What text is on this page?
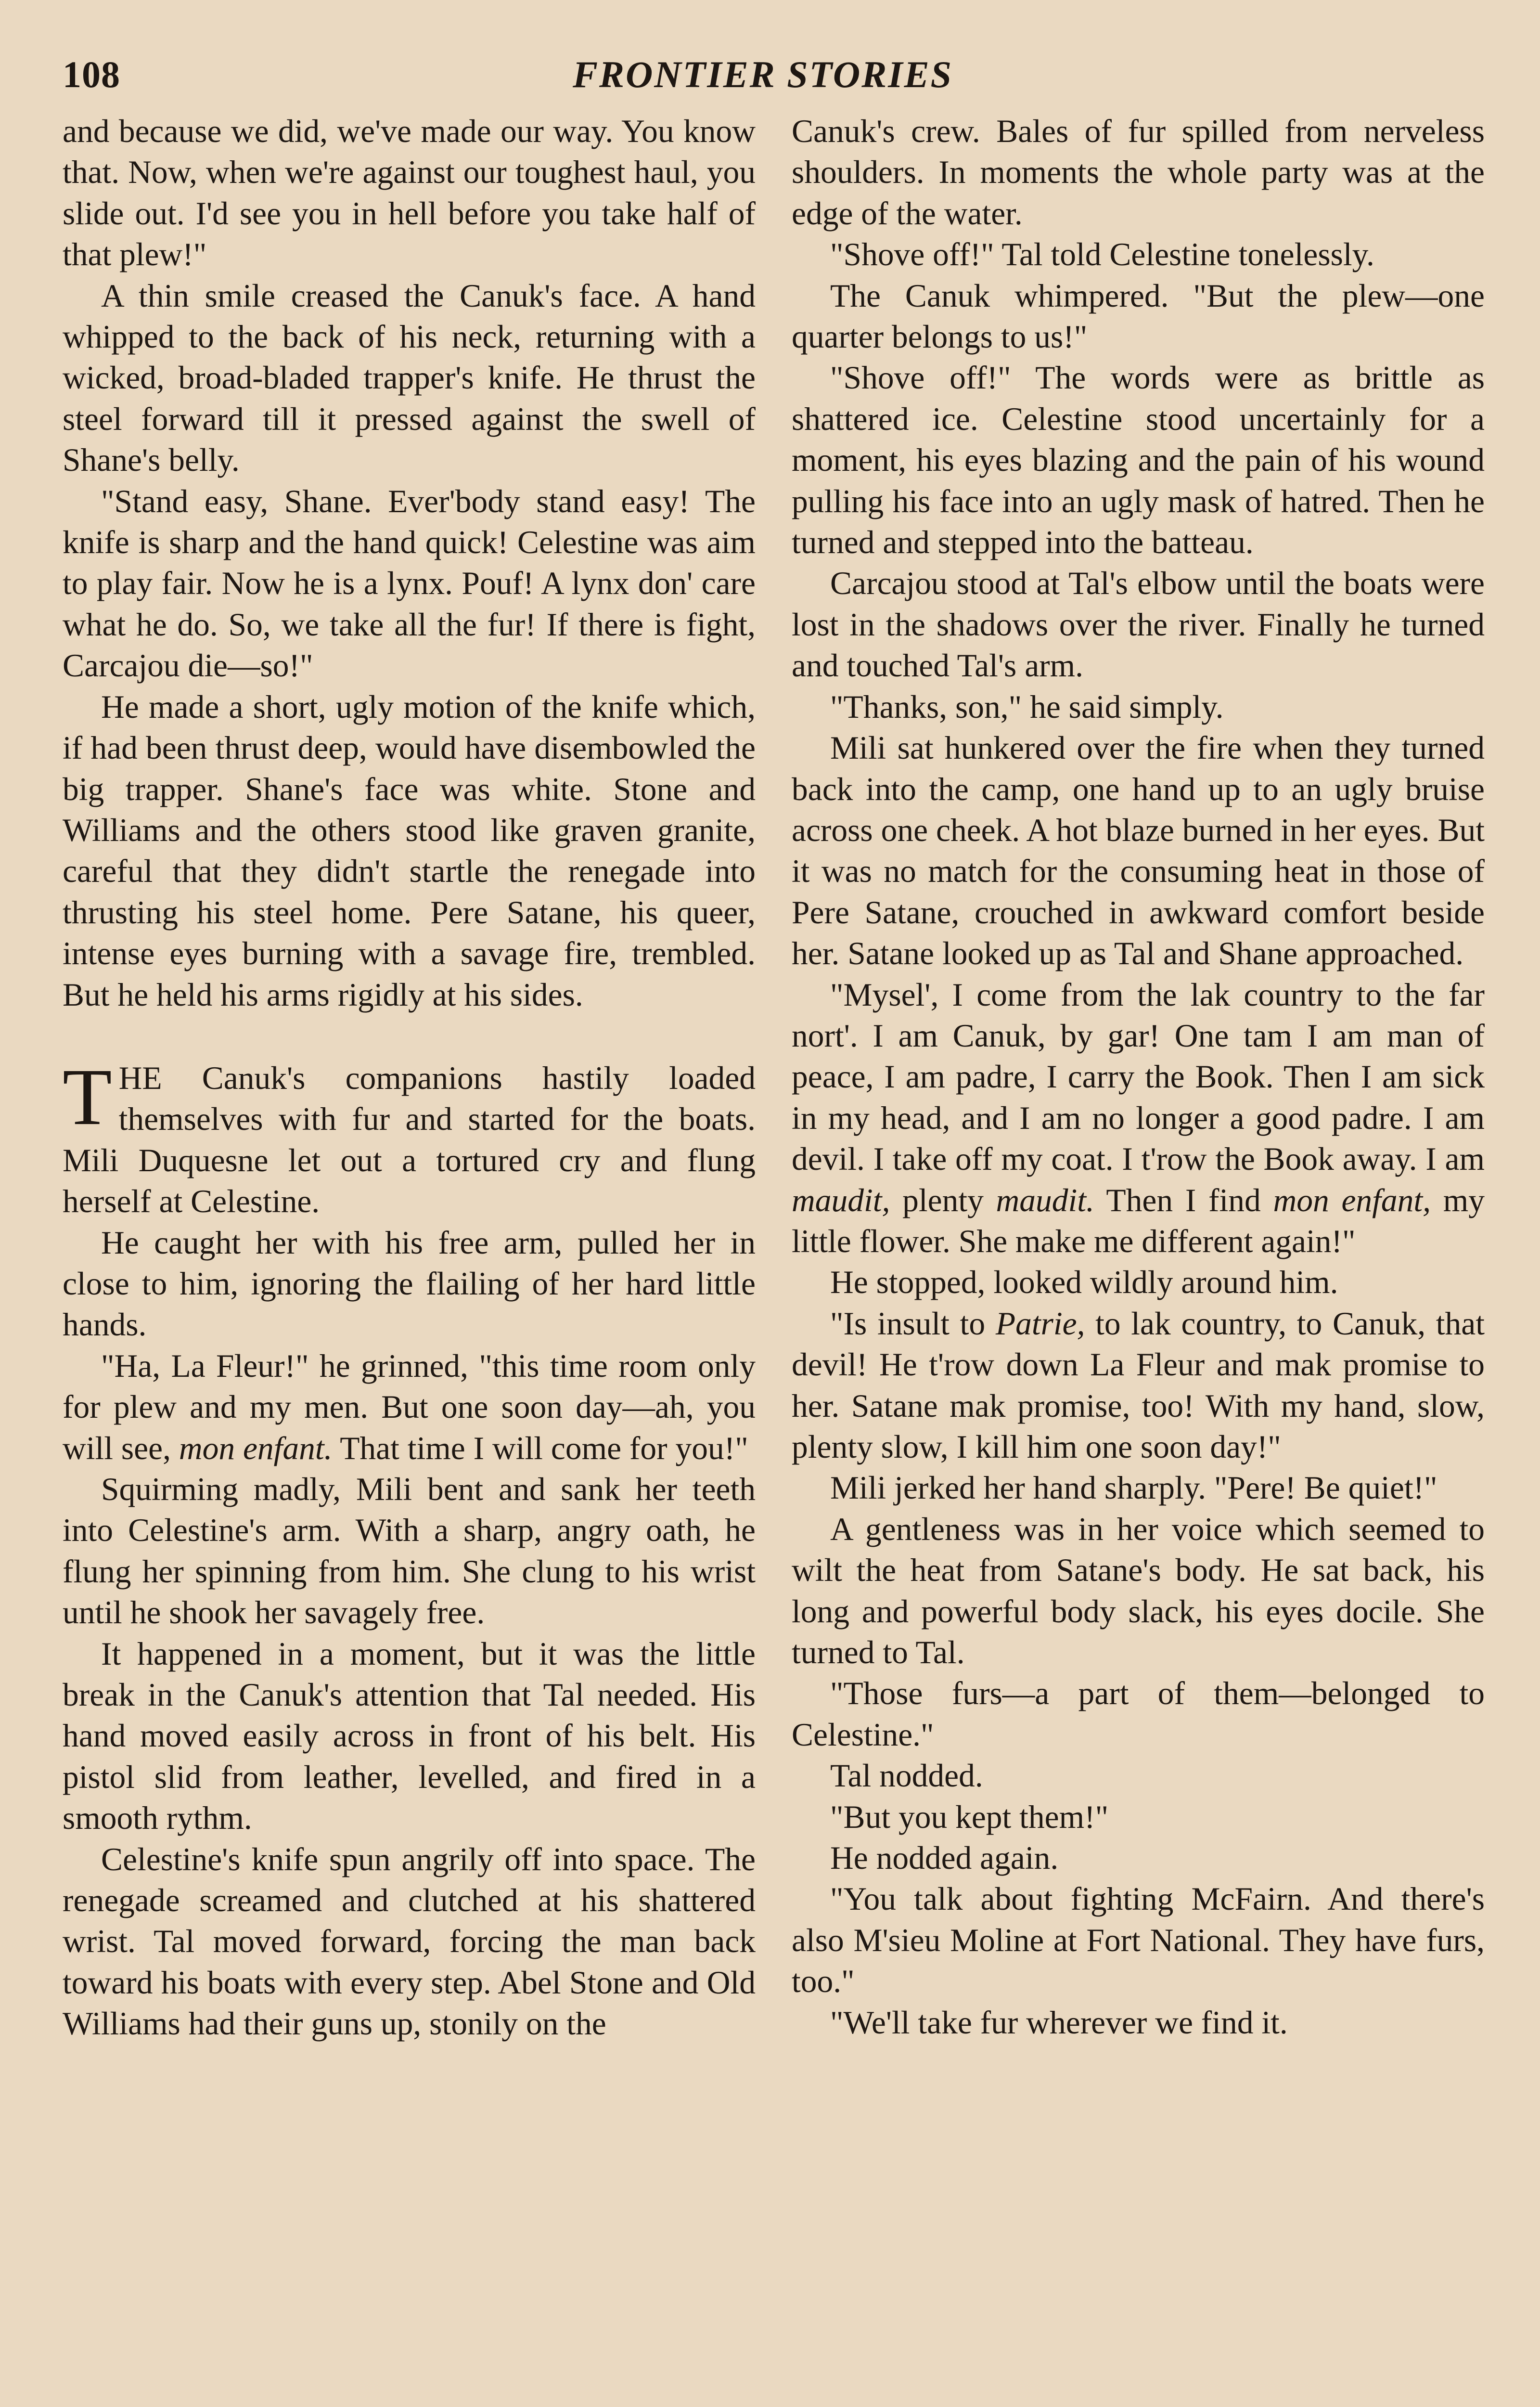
108	FRONTIER STORIES

and because we did, we've made our way. You know that. Now, when we're against our toughest haul, you slide out. I'd see you in hell before you take half of that plew!"

A thin smile creased the Canuk's face. A hand whipped to the back of his neck, returning with a wicked, broad-bladed trapper's knife. He thrust the steel forward till it pressed against the swell of Shane's belly.

"Stand easy, Shane. Ever'body stand easy! The knife is sharp and the hand quick! Celestine was aim to play fair. Now he is a lynx. Pouf! A lynx don' care what he do. So, we take all the fur! If there is fight, Carcajou die—so!"

He made a short, ugly motion of the knife which, if had been thrust deep, would have disembowled the big trapper. Shane's face was white. Stone and Williams and the others stood like graven granite, careful that they didn't startle the renegade into thrusting his steel home. Pere Satane, his queer, intense eyes burning with a savage fire, trembled. But he held his arms rigidly at his sides.

THE Canuk's companions hastily loaded themselves with fur and started for the boats. Mili Duquesne let out a tortured cry and flung herself at Celestine.

He caught her with his free arm, pulled her in close to him, ignoring the flailing of her hard little hands.

"Ha, La Fleur!" he grinned, "this time room only for plew and my men. But one soon day—ah, you will see, mon enfant. That time I will come for you!"

Squirming madly, Mili bent and sank her teeth into Celestine's arm. With a sharp, angry oath, he flung her spinning from him. She clung to his wrist until he shook her savagely free.

It happened in a moment, but it was the little break in the Canuk's attention that Tal needed. His hand moved easily across in front of his belt. His pistol slid from leather, levelled, and fired in a smooth rythm.

Celestine's knife spun angrily off into space. The renegade screamed and clutched at his shattered wrist. Tal moved forward, forcing the man back toward his boats with every step. Abel Stone and Old Williams had their guns up, stonily on the

Canuk's crew. Bales of fur spilled from nerveless shoulders. In moments the whole party was at the edge of the water.

"Shove off!" Tal told Celestine tonelessly.

The Canuk whimpered. "But the plew—one quarter belongs to us!"

"Shove off!" The words were as brittle as shattered ice. Celestine stood uncertainly for a moment, his eyes blazing and the pain of his wound pulling his face into an ugly mask of hatred. Then he turned and stepped into the batteau.

Carcajou stood at Tal's elbow until the boats were lost in the shadows over the river. Finally he turned and touched Tal's arm.

"Thanks, son," he said simply.

Mili sat hunkered over the fire when they turned back into the camp, one hand up to an ugly bruise across one cheek. A hot blaze burned in her eyes. But it was no match for the consuming heat in those of Pere Satane, crouched in awkward comfort beside her. Satane looked up as Tal and Shane approached.

"Mysel', I come from the lak country to the far nort'. I am Canuk, by gar! One tam I am man of peace, I am padre, I carry the Book. Then I am sick in my head, and I am no longer a good padre. I am devil. I take off my coat. I t'row the Book away. I am maudit, plenty maudit. Then I find mon enfant, my little flower. She make me different again!"

He stopped, looked wildly around him.

"Is insult to Patrie, to lak country, to Canuk, that devil! He t'row down La Fleur and mak promise to her. Satane mak promise, too! With my hand, slow, plenty slow, I kill him one soon day!"

Mili jerked her hand sharply. "Pere! Be quiet!"

A gentleness was in her voice which seemed to wilt the heat from Satane's body. He sat back, his long and powerful body slack, his eyes docile. She turned to Tal.

"Those furs—a part of them—belonged to Celestine."

Tal nodded.

"But you kept them!"

He nodded again.

"You talk about fighting McFairn. And there's also M'sieu Moline at Fort National. They have furs, too."

"We'll take fur wherever we find it.
